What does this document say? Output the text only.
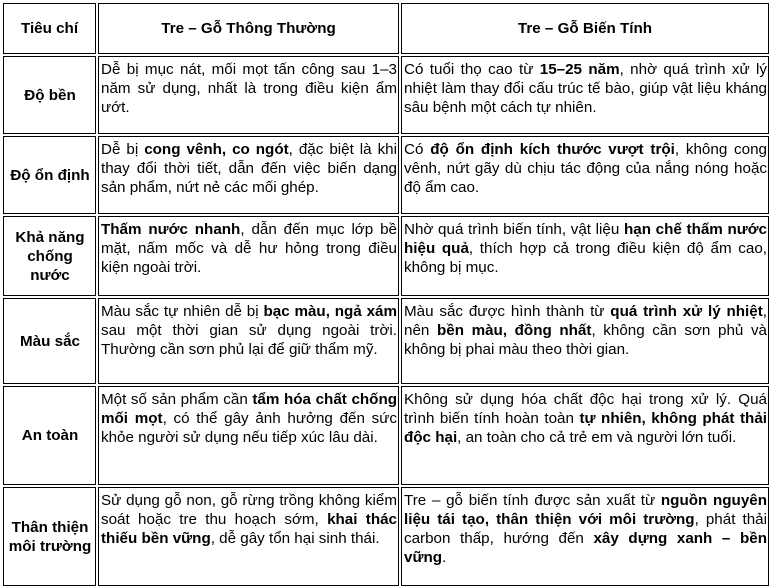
Tiêu chí	Tre – Gỗ Thông Thường	Tre – Gỗ Biến Tính
Độ bền	Dễ bị mục nát, mối mọt tấn công sau 1–3 năm sử dụng, nhất là trong điều kiện ẩm ướt.	Có tuổi thọ cao từ 15–25 năm, nhờ quá trình xử lý nhiệt làm thay đổi cấu trúc tế bào, giúp vật liệu kháng sâu bệnh một cách tự nhiên.
Độ ổn định	Dễ bị cong vênh, co ngót, đặc biệt là khi thay đổi thời tiết, dẫn đến việc biến dạng sản phẩm, nứt nẻ các mối ghép.	Có độ ổn định kích thước vượt trội, không cong vênh, nứt gãy dù chịu tác động của nắng nóng hoặc độ ẩm cao.
Khả năng chống nước	Thấm nước nhanh, dẫn đến mục lớp bề mặt, nấm mốc và dễ hư hỏng trong điều kiện ngoài trời.	Nhờ quá trình biến tính, vật liệu hạn chế thấm nước hiệu quả, thích hợp cả trong điều kiện độ ẩm cao, không bị mục.
Màu sắc	Màu sắc tự nhiên dễ bị bạc màu, ngả xám sau một thời gian sử dụng ngoài trời. Thường cần sơn phủ lại để giữ thẩm mỹ.	Màu sắc được hình thành từ quá trình xử lý nhiệt, nên bền màu, đồng nhất, không cần sơn phủ và không bị phai màu theo thời gian.
An toàn	Một số sản phẩm cần tẩm hóa chất chống mối mọt, có thể gây ảnh hưởng đến sức khỏe người sử dụng nếu tiếp xúc lâu dài.	Không sử dụng hóa chất độc hại trong xử lý. Quá trình biến tính hoàn toàn tự nhiên, không phát thải độc hại, an toàn cho cả trẻ em và người lớn tuổi.
Thân thiện môi trường	Sử dụng gỗ non, gỗ rừng trồng không kiểm soát hoặc tre thu hoạch sớm, khai thác thiếu bền vững, dễ gây tổn hại sinh thái.	Tre – gỗ biến tính được sản xuất từ nguồn nguyên liệu tái tạo, thân thiện với môi trường, phát thải carbon thấp, hướng đến xây dựng xanh – bền vững.
